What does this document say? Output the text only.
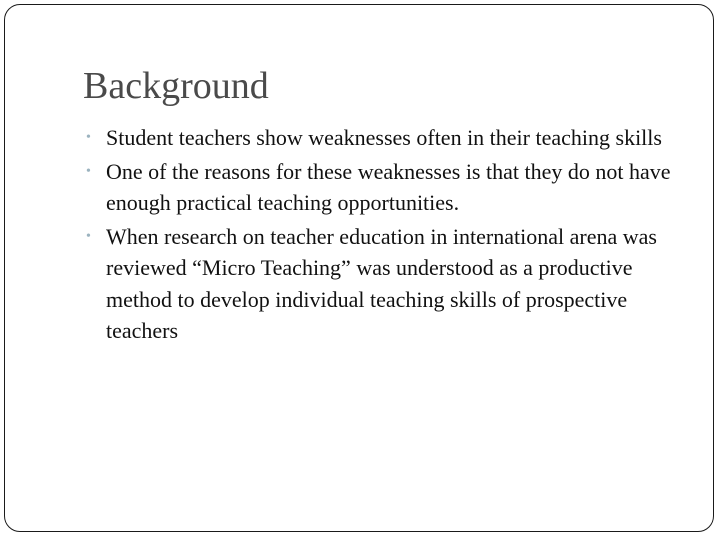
Background
• Student teachers show weaknesses often in their teaching skills
• One of the reasons for these weaknesses is that they do not have enough practical teaching opportunities.
• When research on teacher education in international arena was reviewed “Micro Teaching” was understood as a productive method to develop individual teaching skills of prospective teachers
